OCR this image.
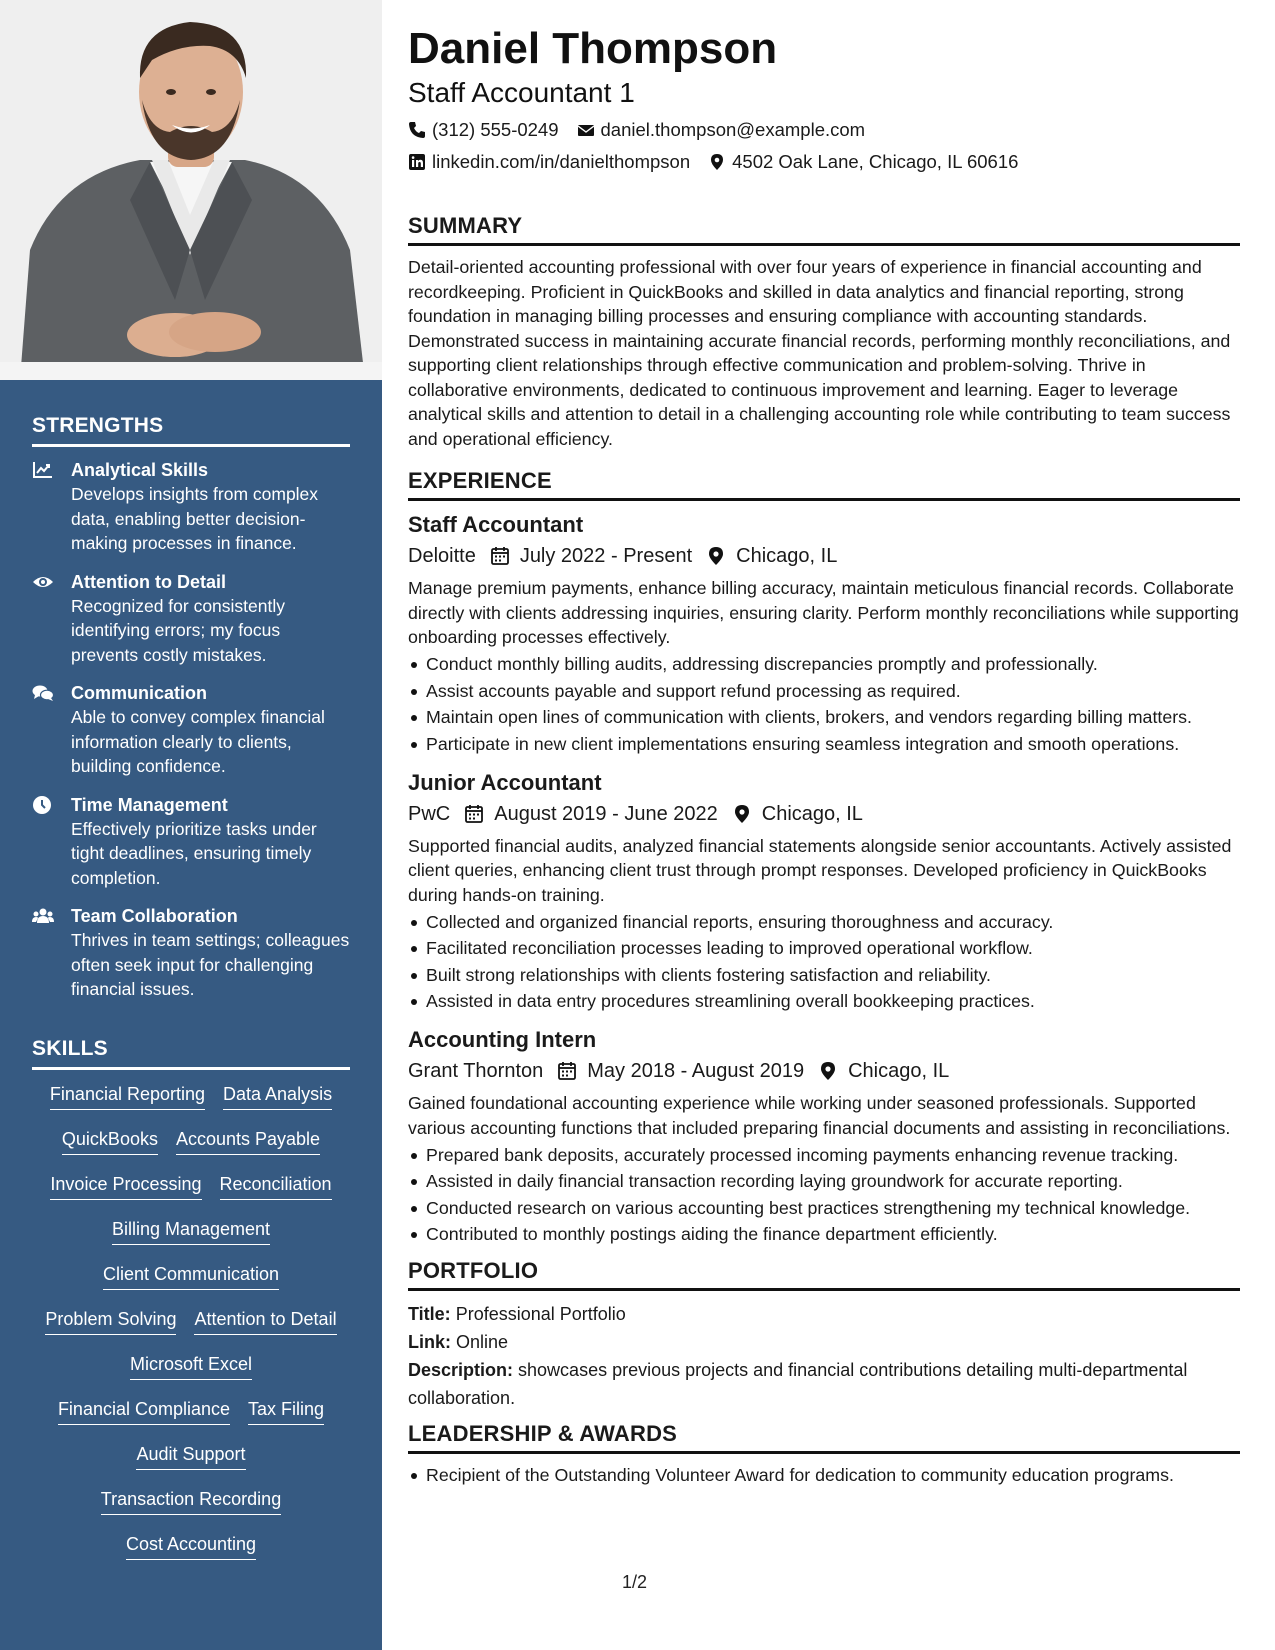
STRENGTHS
Analytical Skills
Develops insights from complex data, enabling better decision-making processes in finance.
Attention to Detail
Recognized for consistently identifying errors; my focus prevents costly mistakes.
Communication
Able to convey complex financial information clearly to clients, building confidence.
Time Management
Effectively prioritize tasks under tight deadlines, ensuring timely completion.
Team Collaboration
Thrives in team settings; colleagues often seek input for challenging financial issues.
SKILLS
Financial Reporting Data Analysis
QuickBooks Accounts Payable
Invoice Processing Reconciliation
Billing Management
Client Communication
Problem Solving Attention to Detail
Microsoft Excel
Financial Compliance Tax Filing
Audit Support
Transaction Recording
Cost Accounting
Daniel Thompson
Staff Accountant 1
(312) 555-0249 daniel.thompson@example.com
linkedin.com/in/danielthompson 4502 Oak Lane, Chicago, IL 60616
SUMMARY

Detail-oriented accounting professional with over four years of experience in financial accounting and recordkeeping. Proficient in QuickBooks and skilled in data analytics and financial reporting, strong foundation in managing billing processes and ensuring compliance with accounting standards. Demonstrated success in maintaining accurate financial records, performing monthly reconciliations, and supporting client relationships through effective communication and problem-solving. Thrive in collaborative environments, dedicated to continuous improvement and learning. Eager to leverage analytical skills and attention to detail in a challenging accounting role while contributing to team success and operational efficiency.

EXPERIENCE
Staff Accountant
Deloitte July 2022 - Present Chicago, IL

Manage premium payments, enhance billing accuracy, maintain meticulous financial records. Collaborate directly with clients addressing inquiries, ensuring clarity. Perform monthly reconciliations while supporting onboarding processes effectively.

Conduct monthly billing audits, addressing discrepancies promptly and professionally.
Assist accounts payable and support refund processing as required.
Maintain open lines of communication with clients, brokers, and vendors regarding billing matters.
Participate in new client implementations ensuring seamless integration and smooth operations.
Junior Accountant
PwC August 2019 - June 2022 Chicago, IL

Supported financial audits, analyzed financial statements alongside senior accountants. Actively assisted client queries, enhancing client trust through prompt responses. Developed proficiency in QuickBooks during hands-on training.

Collected and organized financial reports, ensuring thoroughness and accuracy.
Facilitated reconciliation processes leading to improved operational workflow.
Built strong relationships with clients fostering satisfaction and reliability.
Assisted in data entry procedures streamlining overall bookkeeping practices.
Accounting Intern
Grant Thornton May 2018 - August 2019 Chicago, IL

Gained foundational accounting experience while working under seasoned professionals. Supported various accounting functions that included preparing financial documents and assisting in reconciliations.

Prepared bank deposits, accurately processed incoming payments enhancing revenue tracking.
Assisted in daily financial transaction recording laying groundwork for accurate reporting.
Conducted research on various accounting best practices strengthening my technical knowledge.
Contributed to monthly postings aiding the finance department efficiently.
PORTFOLIO
Title: Professional Portfolio
Link: Online
Description: showcases previous projects and financial contributions detailing multi-departmental collaboration.
LEADERSHIP & AWARDS
Recipient of the Outstanding Volunteer Award for dedication to community education programs.
1/2
